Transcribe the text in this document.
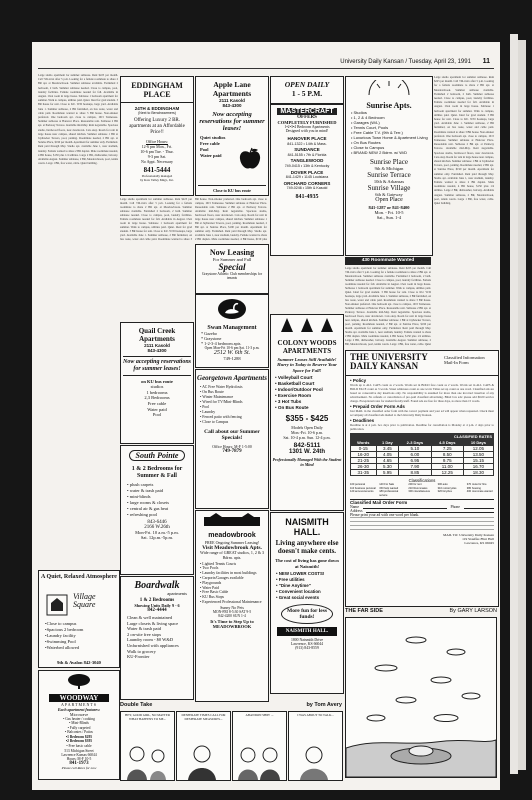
University Daily Kansan / Tuesday, April 23, 1991 11
Large studio apartment for summer sublease. Rent $225 per month. Call 749-xxxx after 5 p.m. Looking for a female roommate to share 2 BR apt. at Meadowbrook. Summer sublease available. Furnished 2 bedroom, 2 bath. Summer sublease needed. Close to campus, pool, laundry facilities. Female roommate needed for fall. Available in August. Own room in large house. Sublease 1 bedroom apartment for summer. Walk to campus, utilities paid. Quiet. Ideal for grad student. 3 BR house for rent. Close to KU. W/D hookups, large yard. Available June 1. Summer sublease, 2 BR furnished, on bus route, water and cable paid. Roommate wanted to share 3 BR house. Non-smoker preferred. One bedroom apt. close to campus, 1015 Tennessee. Summer sublease at Hanover Place. Reasonable rent. Sublease 2 BR apt. at Parkway Terrace. Available mid-May. Rent negotiable. Spacious studio, hardwood floors, near downtown. Cats okay. Room for rent in large house near campus, shared kitchen. Summer sublease 1 BR at Jayhawker Towers, pool, parking. Roommate needed, 2 BR apt. at Sunrise Place, $190 per month. Apartment for summer only. Furnished. Rent paid through May. Studio apt. available June 1, near stadium, laundry. Female wanted to share 2 BR duplex. Male roommate needed, 4 BR house, $150 plus 1/4 utilities. Large 2 BR, dishwasher, balcony. Available August. Summer sublease, 2 BR, Meadowbrook, pool, tennis courts. Large 1 BR, free water, cable. Quiet building.
EDDINGHAM PLACE
24TH & EDDINGHAM
(Next to Benchwarmers)
Offering Luxury 2 BR. apartments at an Affordable Price!!
Office Hours:
12-6 pm Mon., Fri.
10-6 pm Tue. - Thur.
9-3 pm Sat.
No Appt. Necessary
841-5444
Professionally managed
by Kaw Valley Mngt., Inc.
Apple Lane Apartments
2111 Kasold
843-4300
Now accepting reservations for summer leases!
Quiet studios
Free cable
Pool
Water paid
Close to KU bus route
OPEN DAILY
1 - 5 P.M.
MASTERCRAFT
OFFERS
COMPLETELY FURNISHED
1•2•3•4 Bedroom Apartments
Designed with you in mind!
HANOVER PLACE
841-1322 • 14th & Mass.
SUNDANCE
841-5155 • 7th & Florida
TANGLEWOOD
749-0415 • 13th & Kentucky
DOVER PLACE
841-1429 • 1145 Louisiana
ORCHARD CORNERS
749-0246 • 15th & Kasold
841-4935
Sunrise Apts.
• Studios
• 1, 2 & 4 Bedroom
• Garages (W/L)
• Tennis Court, Pools
• Free Cable T.V. (9th & Terr.)
• Luxurious Town Home & Apartment Living
• On Bus Routes
• Close to Campus
• BRAND NEW 2 Bdrm. w/ W/D
Sunrise Place
9th & Michigan
Sunrise Terrace
10th & Arkansas
Sunrise Village
6th & Gateway
Open Place
841-1287 or 841-8400
Mon. - Fri. 10-5
Sat., Sun. 1-4
Large studio apartment for summer sublease. Rent $225 per month. Call 749-xxxx after 5 p.m. Looking for a female roommate to share 2 BR apt. at Meadowbrook. Summer sublease available. Furnished 2 bedroom, 2 bath. Summer sublease needed. Close to campus, pool, laundry facilities. Female roommate needed for fall. Available in August. Own room in large house. Sublease 1 bedroom apartment for summer. Walk to campus, utilities paid. Quiet. Ideal for grad student. 3 BR house for rent. Close to KU. W/D hookups, large yard. Available June 1. Summer sublease, 2 BR furnished, on bus route, water and cable paid. Roommate wanted to share 3 BR house. Non-smoker preferred. One bedroom apt. close to campus, 1015 Tennessee. Summer sublease at Hanover Place. Reasonable rent. Sublease 2 BR apt. at Parkway Terrace. Available mid-May. Rent negotiable. Spacious studio, hardwood floors, near downtown. Cats okay. Room for rent in large house near campus, shared kitchen. Summer sublease 1 BR at Jayhawker Towers, pool, parking. Roommate needed, 2 BR apt. at Sunrise Place, $190 per month. Apartment for summer only. Furnished. Rent paid through May. Studio apt. available June 1, near stadium, laundry. Female wanted to share 2 BR duplex. Male roommate needed, 4 BR house, $150 plus 1/4 utilities. Large 2 BR, dishwasher, balcony. Available August. Summer sublease, 2 BR, Meadowbrook, pool, tennis courts. Large 1 BR, free water, cable. Quiet building.
Large studio apartment for summer sublease. Rent $225 per month. Call 749-xxxx after 5 p.m. Looking for a female roommate to share 2 BR apt. at Meadowbrook. Summer sublease available. Furnished 2 bedroom, 2 bath. Summer sublease needed. Close to campus, pool, laundry facilities. Female roommate needed for fall. Available in August. Own room in large house. Sublease 1 bedroom apartment for summer. Walk to campus, utilities paid. Quiet. Ideal for grad student. 3 BR house for rent. Close to KU. W/D hookups, large yard. Available June 1. Summer sublease, 2 BR furnished, on bus route, water and cable paid. Roommate wanted to share 3 BR house. Non-smoker preferred. One bedroom apt. close to campus, 1015 Tennessee. Summer sublease at Hanover Place. Reasonable rent. Sublease 2 BR apt. at Parkway Terrace. Available mid-May. Rent negotiable. Spacious studio, hardwood floors, near downtown. Cats okay. Room for rent in large house near campus, shared kitchen. Summer sublease 1 BR at Jayhawker Towers, pool, parking. Roommate needed, 2 BR apt. at Sunrise Place, $190 per month. Apartment for summer only. Furnished. Rent paid through May. Studio apt. available June 1, near stadium, laundry. Female wanted to share 2 BR duplex. Male roommate needed, 4 BR house, $150 plus
430 Roommate Wanted
Large studio apartment for summer sublease. Rent $225 per month. Call 749-xxxx after 5 p.m. Looking for a female roommate to share 2 BR apt. at Meadowbrook. Summer sublease available. Furnished 2 bedroom, 2 bath. Summer sublease needed. Close to campus, pool, laundry facilities. Female roommate needed for fall. Available in August. Own room in large house. Sublease 1 bedroom apartment for summer. Walk to campus, utilities paid. Quiet. Ideal for grad student. 3 BR house for rent. Close to KU. W/D hookups, large yard. Available June 1. Summer sublease, 2 BR furnished, on bus route, water and cable paid. Roommate wanted to share 3 BR house. Non-smoker preferred. One bedroom apt. close to campus, 1015 Tennessee. Summer sublease at Hanover Place. Reasonable rent. Sublease 2 BR apt. at Parkway Terrace. Available mid-May. Rent negotiable. Spacious studio, hardwood floors, near downtown. Cats okay. Room for rent in large house near campus, shared kitchen. Summer sublease 1 BR at Jayhawker Towers, pool, parking. Roommate needed, 2 BR apt. at Sunrise Place, $190 per month. Apartment for summer only. Furnished. Rent paid through May. Studio apt. available June 1, near stadium, laundry. Female wanted to share 2 BR duplex. Male roommate needed, 4 BR house, $150 plus 1/4 utilities. Large 2 BR, dishwasher, balcony. Available August. Summer sublease, 2 BR, Meadowbrook, pool, tennis courts. Large 1 BR, free water, cable. Quiet
Now Leasing
For Summer and Fall
Special
Graystone Athletic Club memberships for tenants
Swan Management
* Gazebo
* Graystone
* 1-2-3-4 bedroom apts.
Open Mon-Fri 10-6 pm Sat. 11-3 p.m.
2512 W. 6th St.
749-1288
Quail Creek Apartments
2111 Kasold
843-4300
Now accepting reservations for summer leases!
on KU bus route
studios
1 bedrooms
2,3 Bedrooms
Free cable
Water paid
Pool
Georgetown Apartments
• AC Free Water Hydrolosis
• On Bus Route
• Winter Maintenance
• Wired for TV/Mini-Blinds
• Pool
• Laundry
• Fenced patio with fencing
• Close to Campus
Call about our Summer Specials!
Office Hours: M-F 1-5:00
749-7879
COLONY WOODS APARTMENTS
Summer Leases Still Available! Hurry in Today to Reserve Your Space for Fall!
• Volleyball Court
• Basketball Court
• Indoor/Outdoor Pool
• Exercise Room
• 3 Hot Tubs
• On Bus Route
$355 - $425
Models Open Daily
Mon.-Fri. 10-6 p.m.
Sat. 10-4 p.m. Sun. 12-4 p.m.
842-5111
1301 W. 24th
Professionally Managed With the Student in Mind
THE UNIVERSITY DAILY KANSAN
Classified Information Mail-In Form
• Policy
Words up to ALL CAPS count as 2 words. Words set in BOLD face count as 2 words. Words set in ALL CAPS & BOLD FACE count as 3 words. Street addresses count as one word. Times set up count as one word. Classified ads are based on consecutive day insertions only. No responsibility is assumed for more than one incorrect insertion of any advertisement. No refunds or cancellation of pre-paid classified advertising. Blind box ads: please add $6.00 service charge. Exceptional rates for student/faculty/staff. Found ads are free for three days, no more than 15 words.
• Prepaid Order Form Ads
Just MAIL in the classified order form with the correct payment and your ad will appear when requested. Check must accompany all classified ads mailed to the University Daily Kansan.
• Deadlines
Deadline is at 4 p.m. two days prior to publication. Deadline for cancellation is Monday at 4 p.m. 2 days prior to publication.
CLASSIFIED RATES				
Words	1 Day	2-3 Days	4-5 Days	10 Days
0-15	3.45	5.10	7.25	12.05
16-20	4.05	6.00	8.50	13.50
21-25	4.65	6.95	9.75	15.15
26-30	5.30	7.90	11.00	16.70
31-35	5.95	8.85	12.25	18.30
Classifications
100 personal	140 For Sale	200 for rent	300 auto	370 route for hire
110 business personal	150 help wanted	210 Roommates	310 motorcycles	380 housing
120 announcements	180 professional service
300 miscellaneous	320 bicycles	400 roommate wanted
Classified Mail Order Form
Name	Phone
Address
Please print your ad with one word per blank.
MAIL TO: University Daily Kansan
119 Stauffer-Flint Hall
Lawrence, KS 66045
South Pointe
1 & 2 Bedrooms for Summer & Fall
• plush carpets
• water & trash paid
• mini-blinds
• large rooms & closets
• central air & gas heat
• refreshing pool
843-6446
2166 W.26th
Mon-Fri. 10 a.m.-5 p.m.
Sat. 12p.m.-5p.m.	meadowbrook
FREE Ongoing Summer Leasing!
Visit Meadowbrook Apts.
Wide range of GREAT studios, 1, 2 & 3 Bdrm. apts.
• Lighted Tennis Courts
• Two Pools
• Laundry facilities in most buildings
• Carports/Garages available
• Playgrounds
• Water Paid
• Free Basic Cable
• KU Bus Stops
• Experienced Professional Maintenance
Sunny No Pets
MON-FRI 8-5:30 SAT 9-5
842-4200 SUN 1-4
It's Time to Step Up to MEADOWBROOK
NAISMITH HALL.
Living anywhere else doesn't make cents.
The cost of living has gone down at Naismith!
• NEW LOWER COSTS!
• Free utilities
• "Dine Anytime"
• Convenient location
• Great social events
More fun for less funds!
NAISMITH HALL.
1800 Naismith Drive
Lawrence, KS 66044
(913) 843-8559
A Quiet, Relaxed Atmosphere
Village Square
•Close to campus
•Spacious 2 bedroom
•Laundry facility
•Swimming Pool
•Waterbed allowed
9th & Avalon 842-3040
Boardwalk
apartments
1 & 2 Bedrooms
Showing Units Daily 9 - 6
842-4444
Clean & well maintained
Large closets & living space
Water & trash paid
2 on-site free stops
Laundry room - $0 W&D
Unfurnished with appliances
Walk to grocery
KU-Frontier
WOODWAY
APARTMENTS
Each apartment features:
Microwave
• Gas heater / cooking
• Mini-Blinds
• Fully carpeted
• Balconies / Patios
•1 Bedroom $295
•2 Bedroom $395
• Free basic cable
513 Michigan Street
Lawrence Kansas 66044
Hours: M-F 10-5
841-1973
Please call Rates for now
THE FAR SIDE	By GARY LARSON
Double Take	by Tom Avery
HEY, GOOD GIRL, NO MATTER WHAT HAPPENS TO ME...
DESPERATE TIMES CALL FOR DESPERATE MEASURES...
ABANDON SHIP! ...	I WAS ABOUT TO TALK...
